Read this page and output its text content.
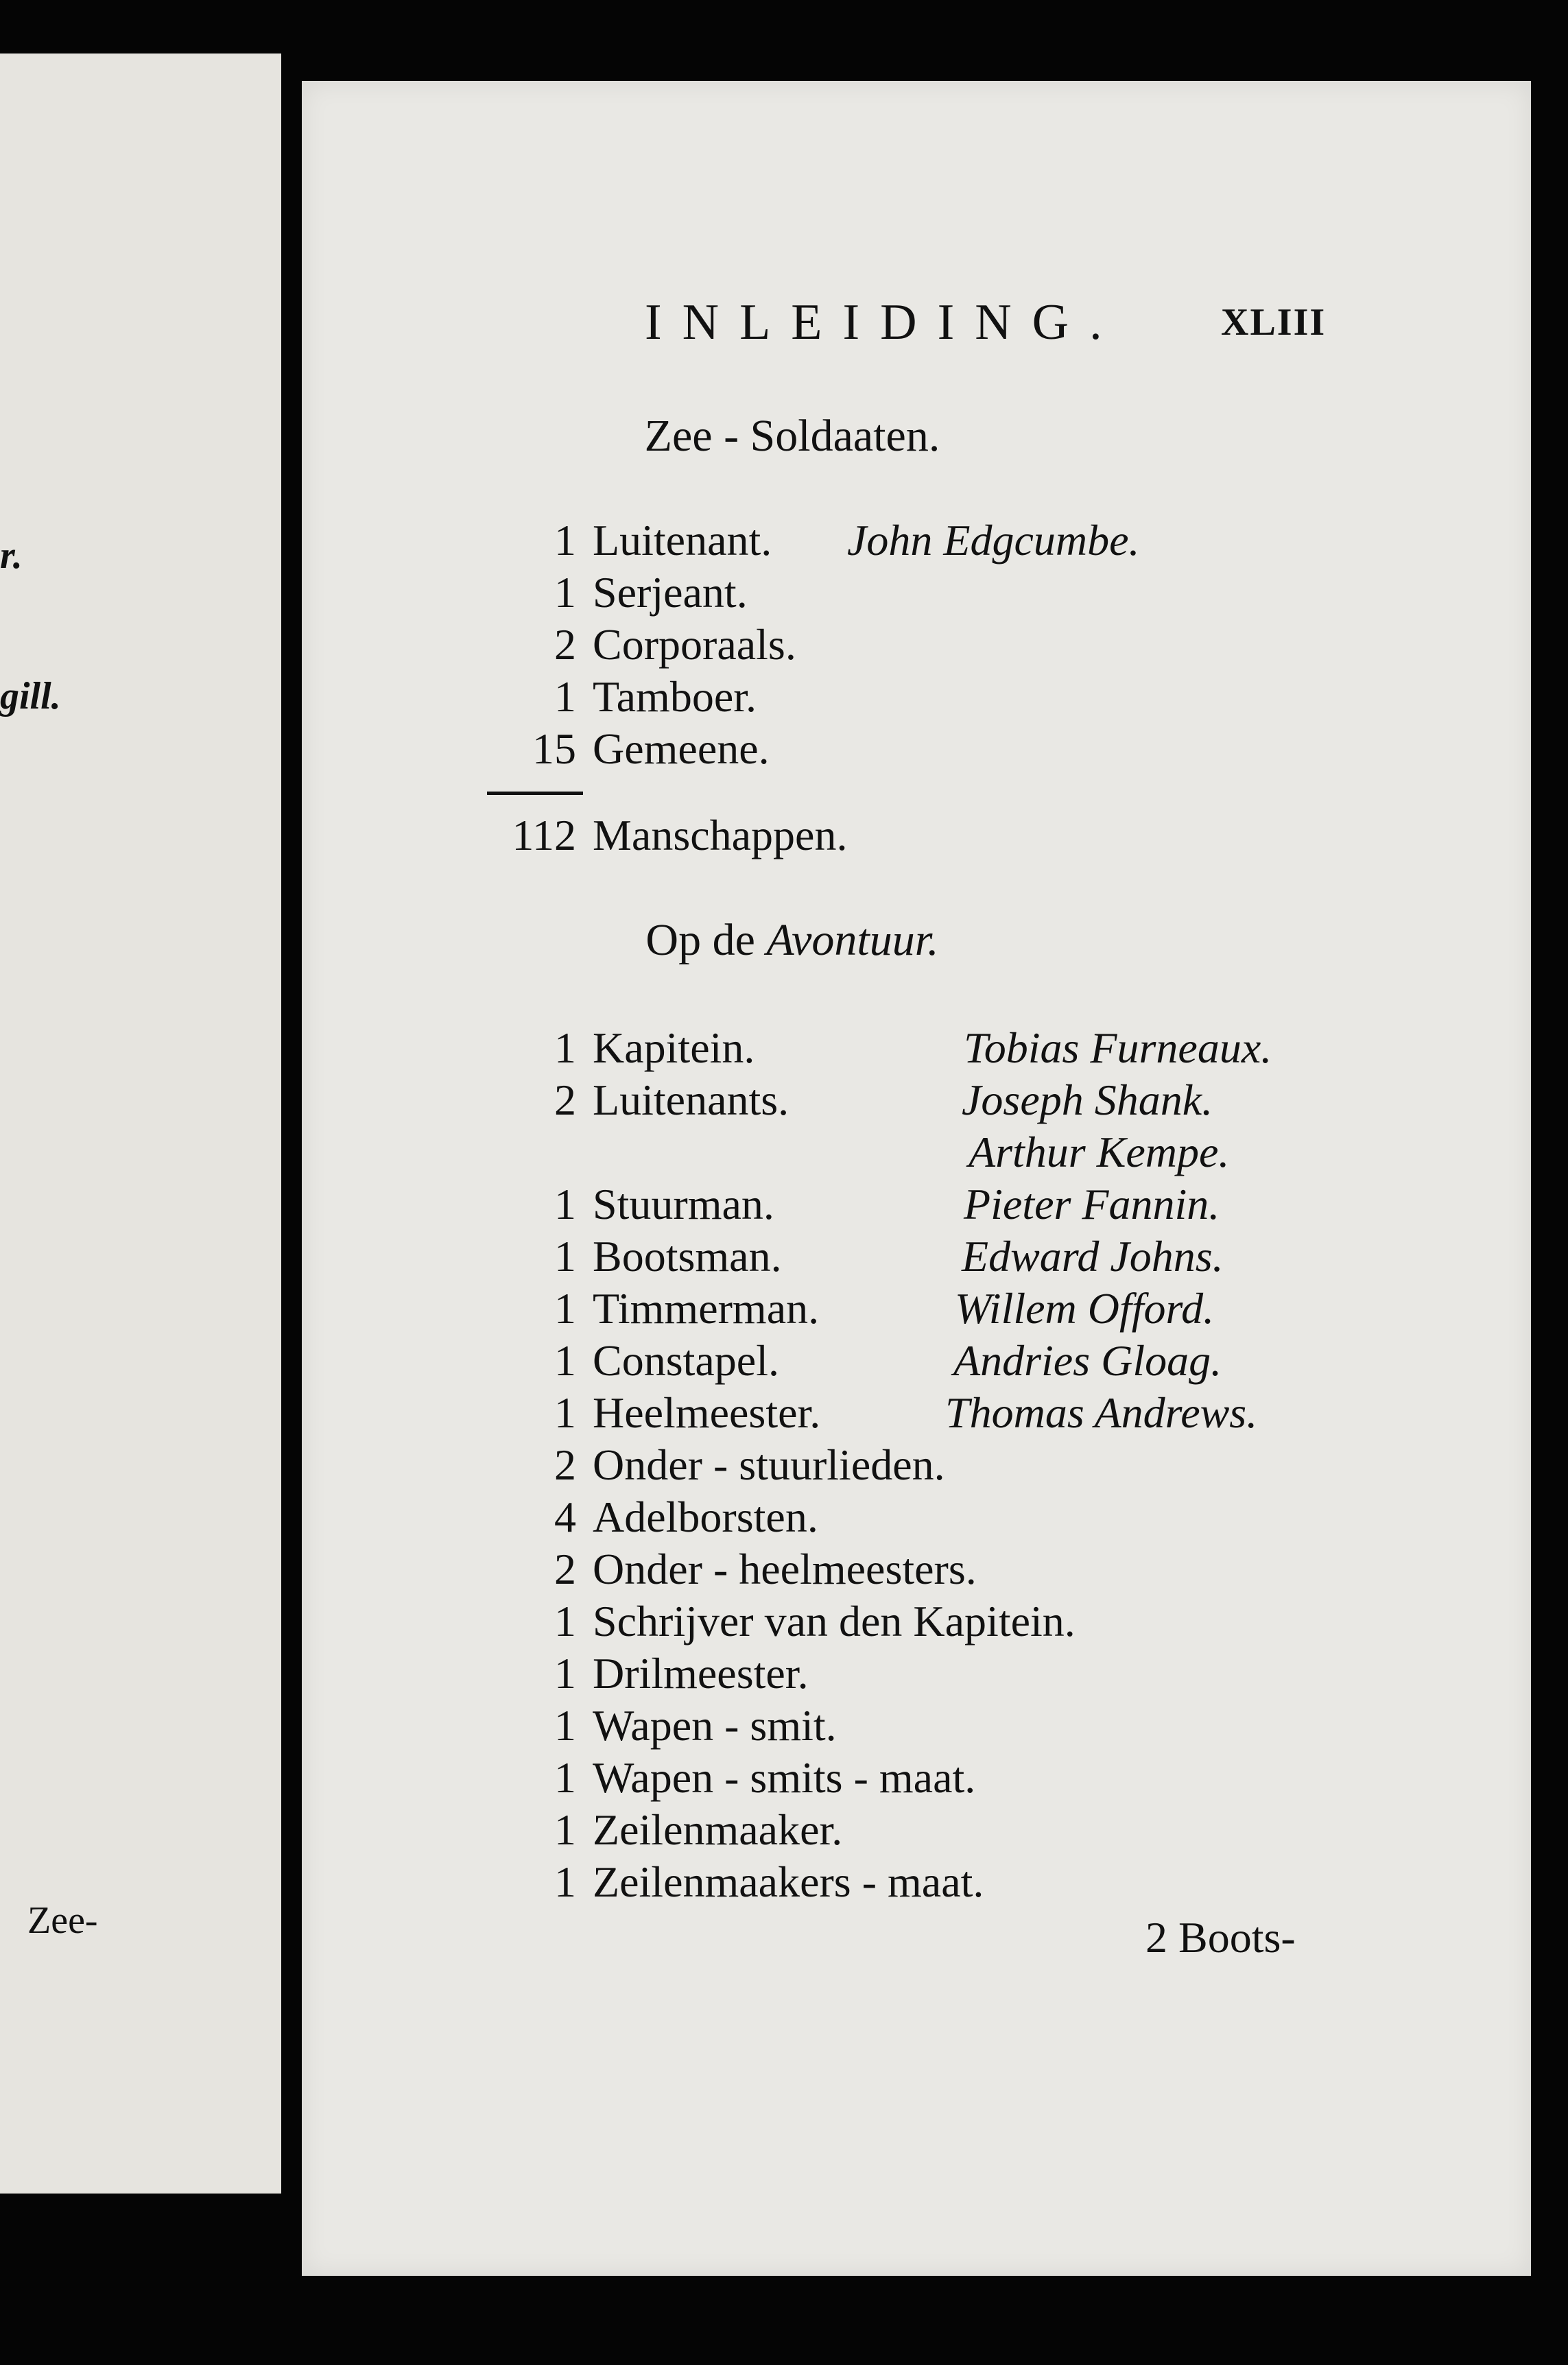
r.
gill.
Zee-
INLEIDING.	XLIII
Zee - Soldaaten.
1 Luitenant. John Edgcumbe.
1 Serjeant.
2 Corporaals.
1 Tamboer.
15 Gemeene.
112 Manschappen.
Op de Avontuur.
1 Kapitein.	Tobias Furneaux.
2 Luitenants.	Joseph Shank.
Arthur Kempe.
1 Stuurman.	Pieter Fannin.
1 Bootsman.	Edward Johns.
1 Timmerman.	Willem Offord.
1 Constapel.	Andries Gloag.
1 Heelmeester.	Thomas Andrews.
2 Onder - stuurlieden.
4 Adelborsten.
2 Onder - heelmeesters.
1 Schrijver van den Kapitein.
1 Drilmeester.
1 Wapen - smit.
1 Wapen - smits - maat.
1 Zeilenmaaker.
1 Zeilenmaakers - maat.
2 Boots-
